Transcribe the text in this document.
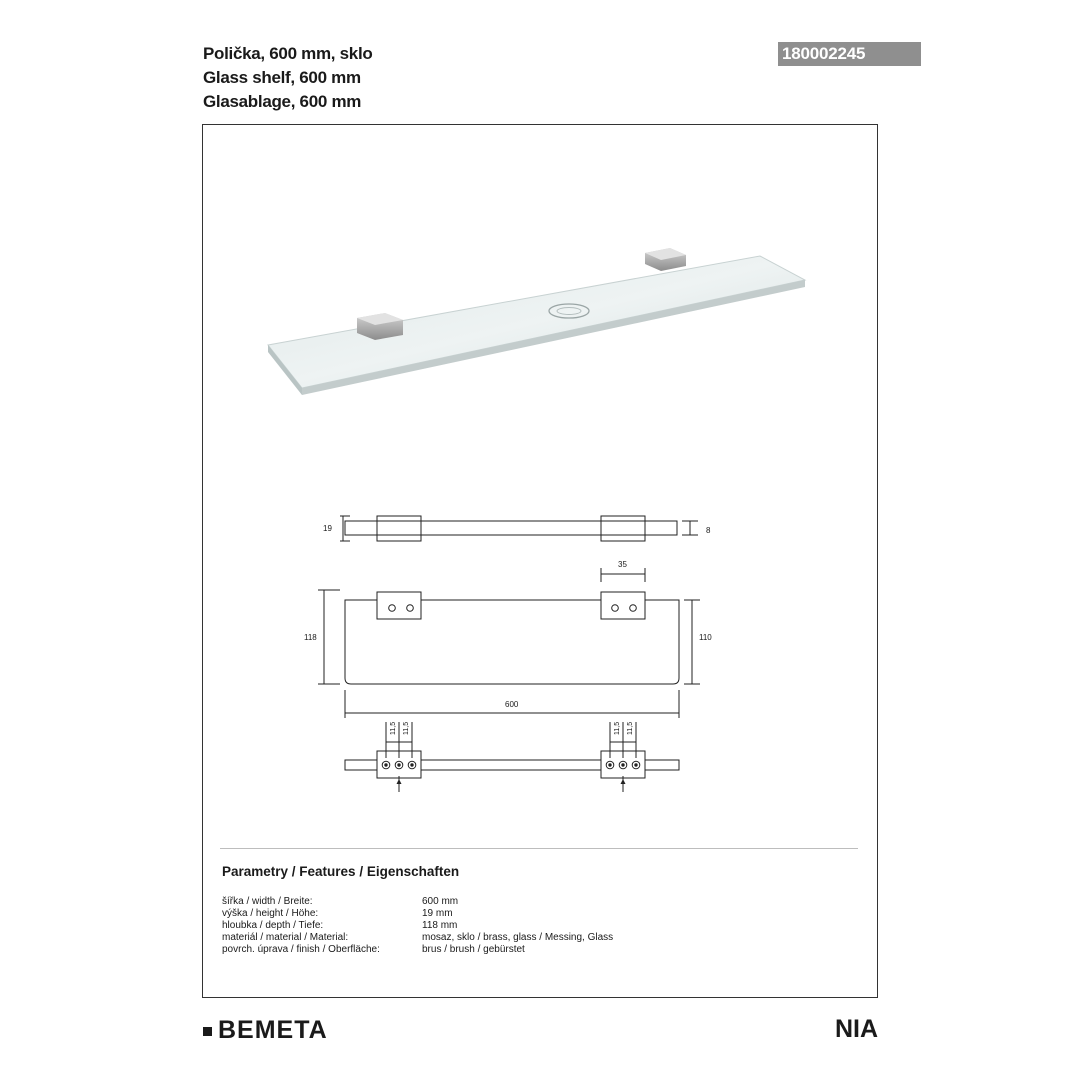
Polička, 600 mm, sklo
Glass shelf, 600 mm
Glasablage, 600 mm
180002245
19	8
35
118	110
600
11,5 11,5	11,5 11,5
Parametry / Features / Eigenschaften
šířka / width / Breite:	600 mm
výška / height / Höhe:	19 mm
hloubka / depth / Tiefe:	118 mm
materiál / material / Material:	mosaz, sklo / brass, glass / Messing, Glass
povrch. úprava / finish / Oberfläche:	brus / brush / gebürstet
BEMETA	NIA
